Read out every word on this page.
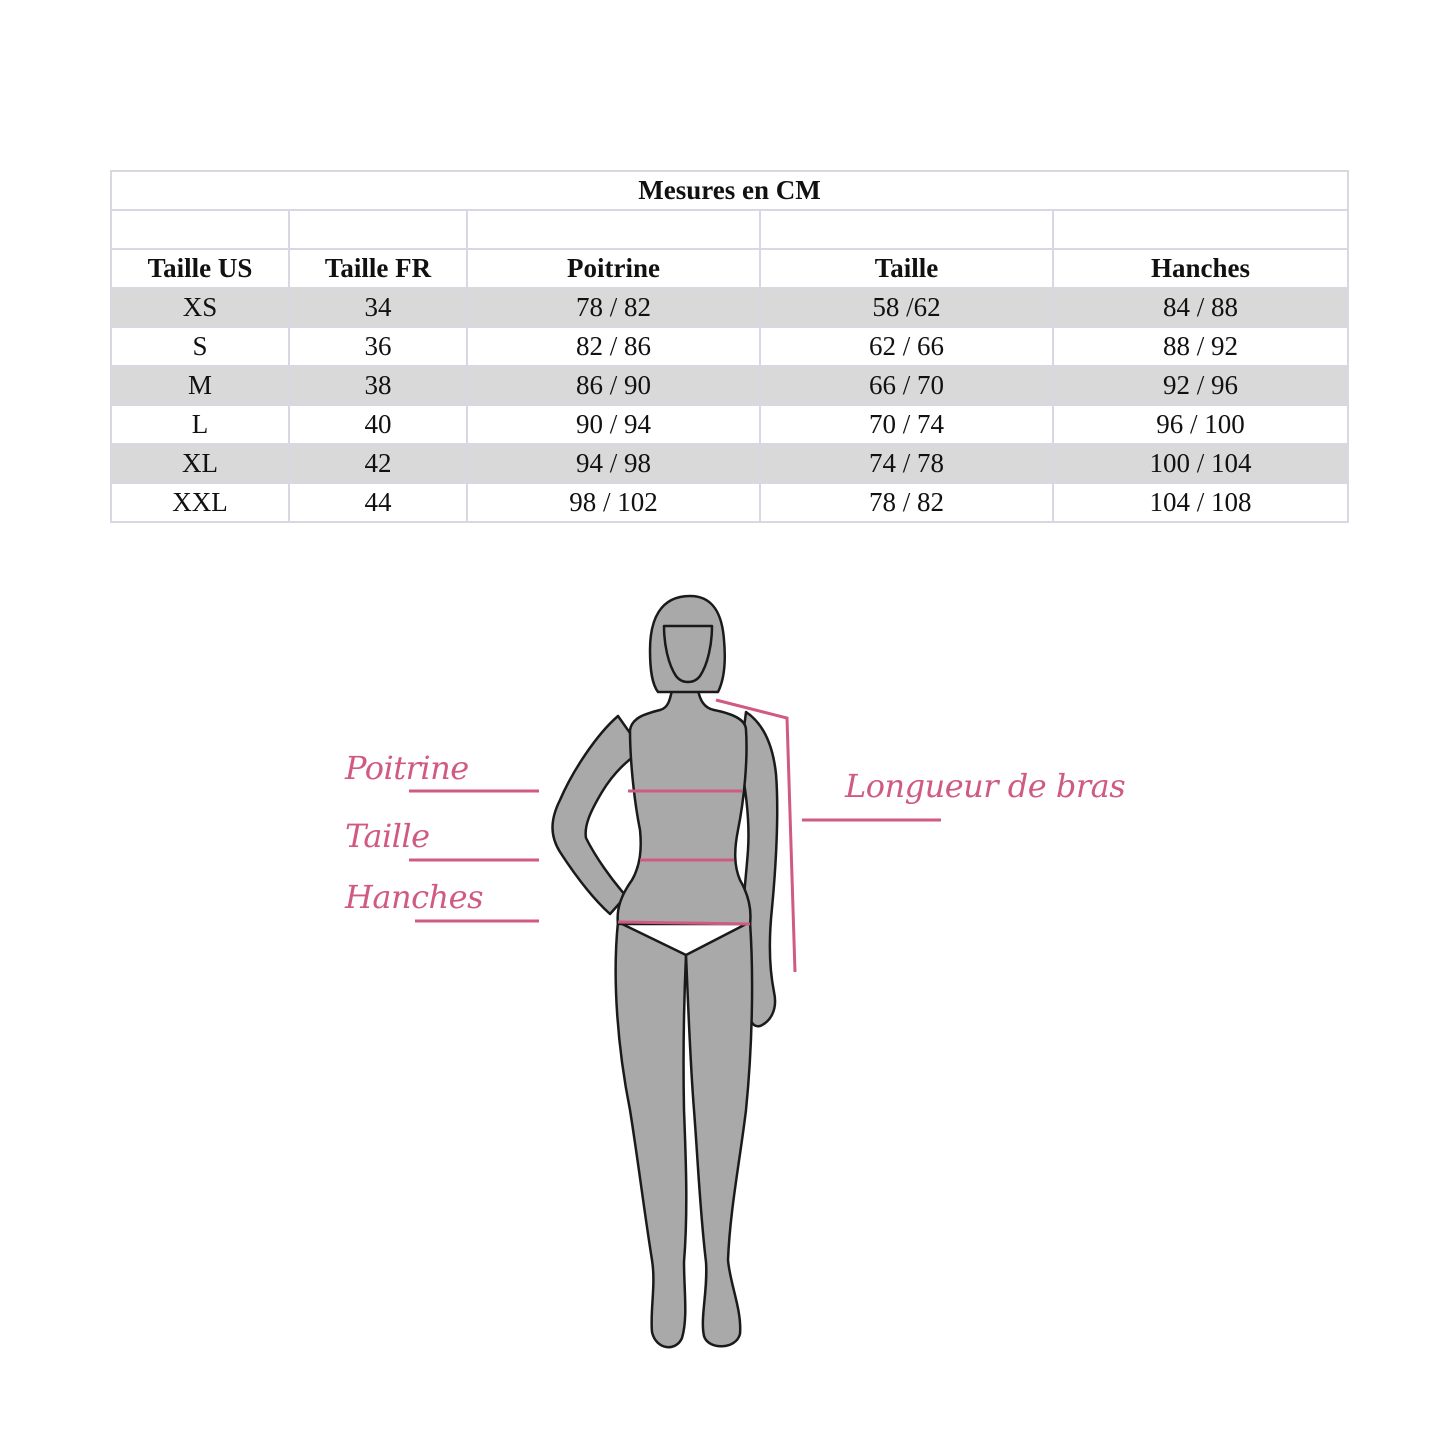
Mesures en CM				

Taille US	Taille FR	Poitrine	Taille	Hanches
XS	34	78 / 82	58 /62	84 / 88
S	36	82 / 86	62 / 66	88 / 92
M	38	86 / 90	66 / 70	92 / 96
L	40	90 / 94	70 / 74	96 / 100
XL	42	94 / 98	74 / 78	100 / 104
XXL	44	98 / 102	78 / 82	104 / 108
Poitrine
Taille
Hanches
Longueur de bras
